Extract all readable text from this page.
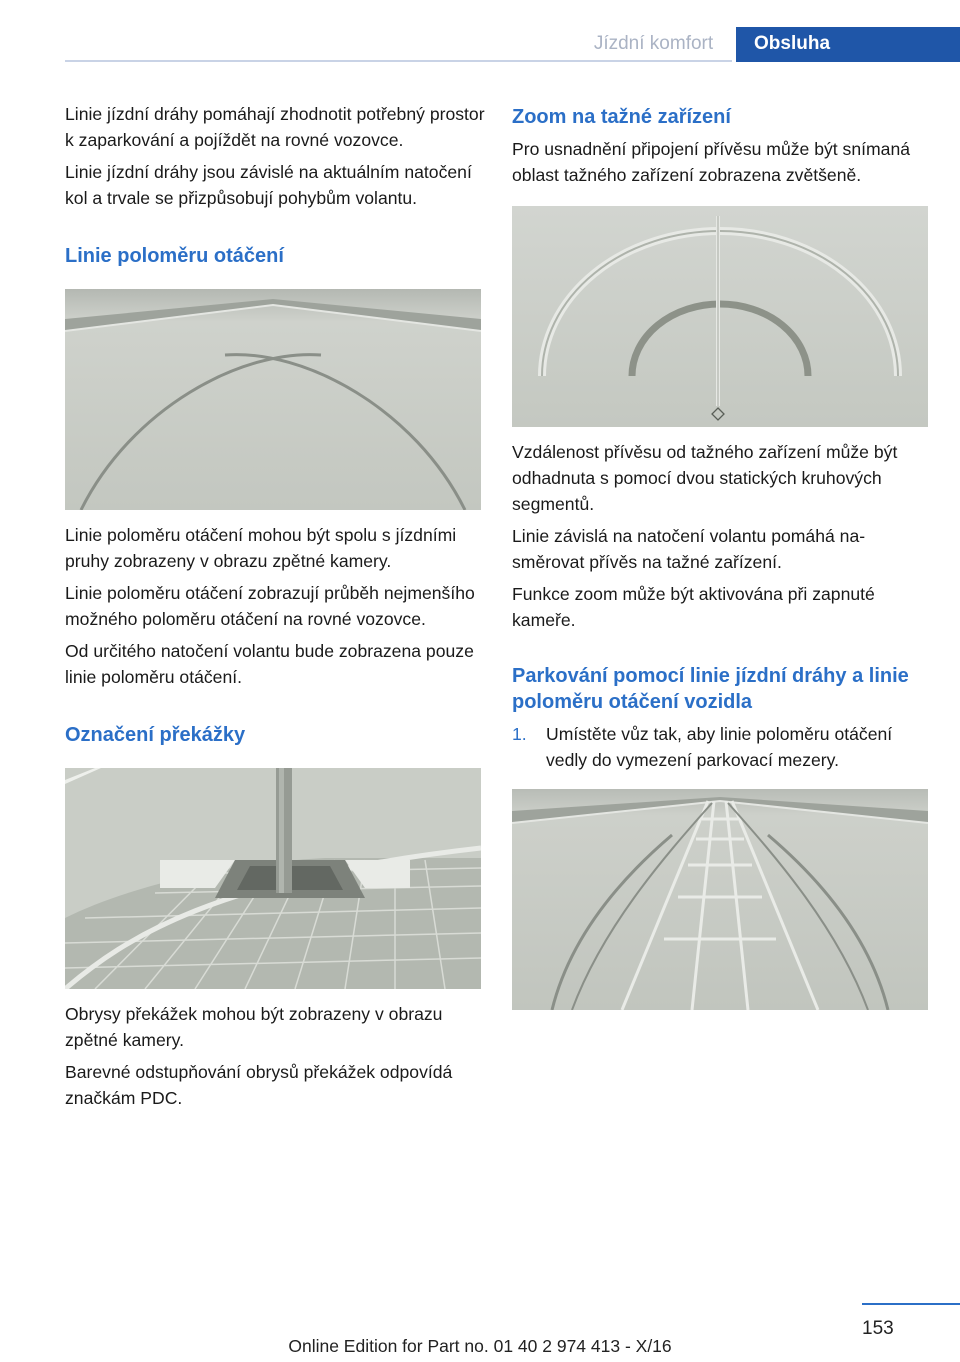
Jízdní komfort	Obsluha

Linie jízdní dráhy pomáhají zhodnotit potřebný prostor k zaparkování a pojíždět na rovné vozovce.

Linie jízdní dráhy jsou závislé na aktuálním natočení kol a trvale se přizpůsobují pohybům volantu.

Linie poloměru otáčení

Linie poloměru otáčení mohou být spolu s jízdními pruhy zobrazeny v obrazu zpětné kamery.

Linie poloměru otáčení zobrazují průběh nejmenšího možného poloměru otáčení na rovné vozovce.

Od určitého natočení volantu bude zobrazena pouze linie poloměru otáčení.

Označení překážky

Obrysy překážek mohou být zobrazeny v obrazu zpětné kamery.

Barevné odstupňování obrysů překážek odpovídá značkám PDC.

Zoom na tažné zařízení

Pro usnadnění připojení přívěsu může být snímaná oblast tažného zařízení zobrazena zvětšeně.

Vzdálenost přívěsu od tažného zařízení může být odhadnuta s pomocí dvou statických kruhových segmentů.

Linie závislá na natočení volantu pomáhá nasměrovat přívěs na tažné zařízení.

Funkce zoom může být aktivována při zapnuté kameře.

Parkování pomocí linie jízdní dráhy a linie poloměru otáčení vozidla
1.	Umístěte vůz tak, aby linie poloměru otáčení vedly do vymezení parkovací mezery.
153
Online Edition for Part no. 01 40 2 974 413 - X/16
